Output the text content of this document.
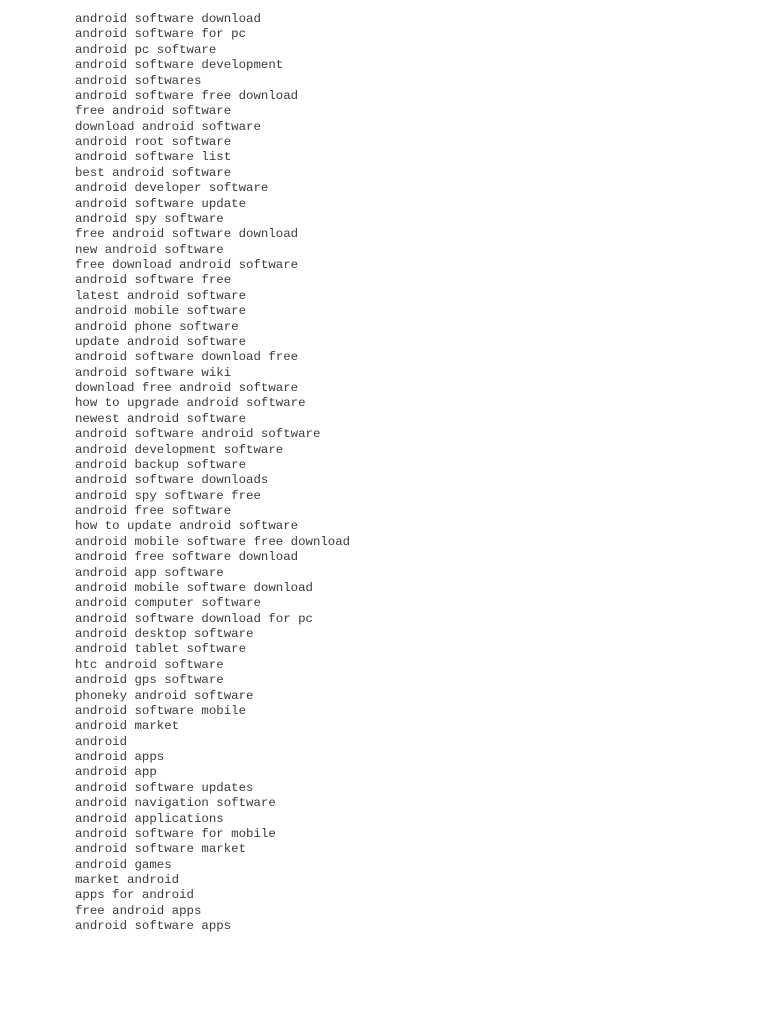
android software download
android software for pc
android pc software
android software development
android softwares
android software free download
free android software
download android software
android root software
android software list
best android software
android developer software
android software update
android spy software
free android software download
new android software
free download android software
android software free
latest android software
android mobile software
android phone software
update android software
android software download free
android software wiki
download free android software
how to upgrade android software
newest android software
android software android software
android development software
android backup software
android software downloads
android spy software free
android free software
how to update android software
android mobile software free download
android free software download
android app software
android mobile software download
android computer software
android software download for pc
android desktop software
android tablet software
htc android software
android gps software
phoneky android software
android software mobile
android market
android
android apps
android app
android software updates
android navigation software
android applications
android software for mobile
android software market
android games
market android
apps for android
free android apps
android software apps
